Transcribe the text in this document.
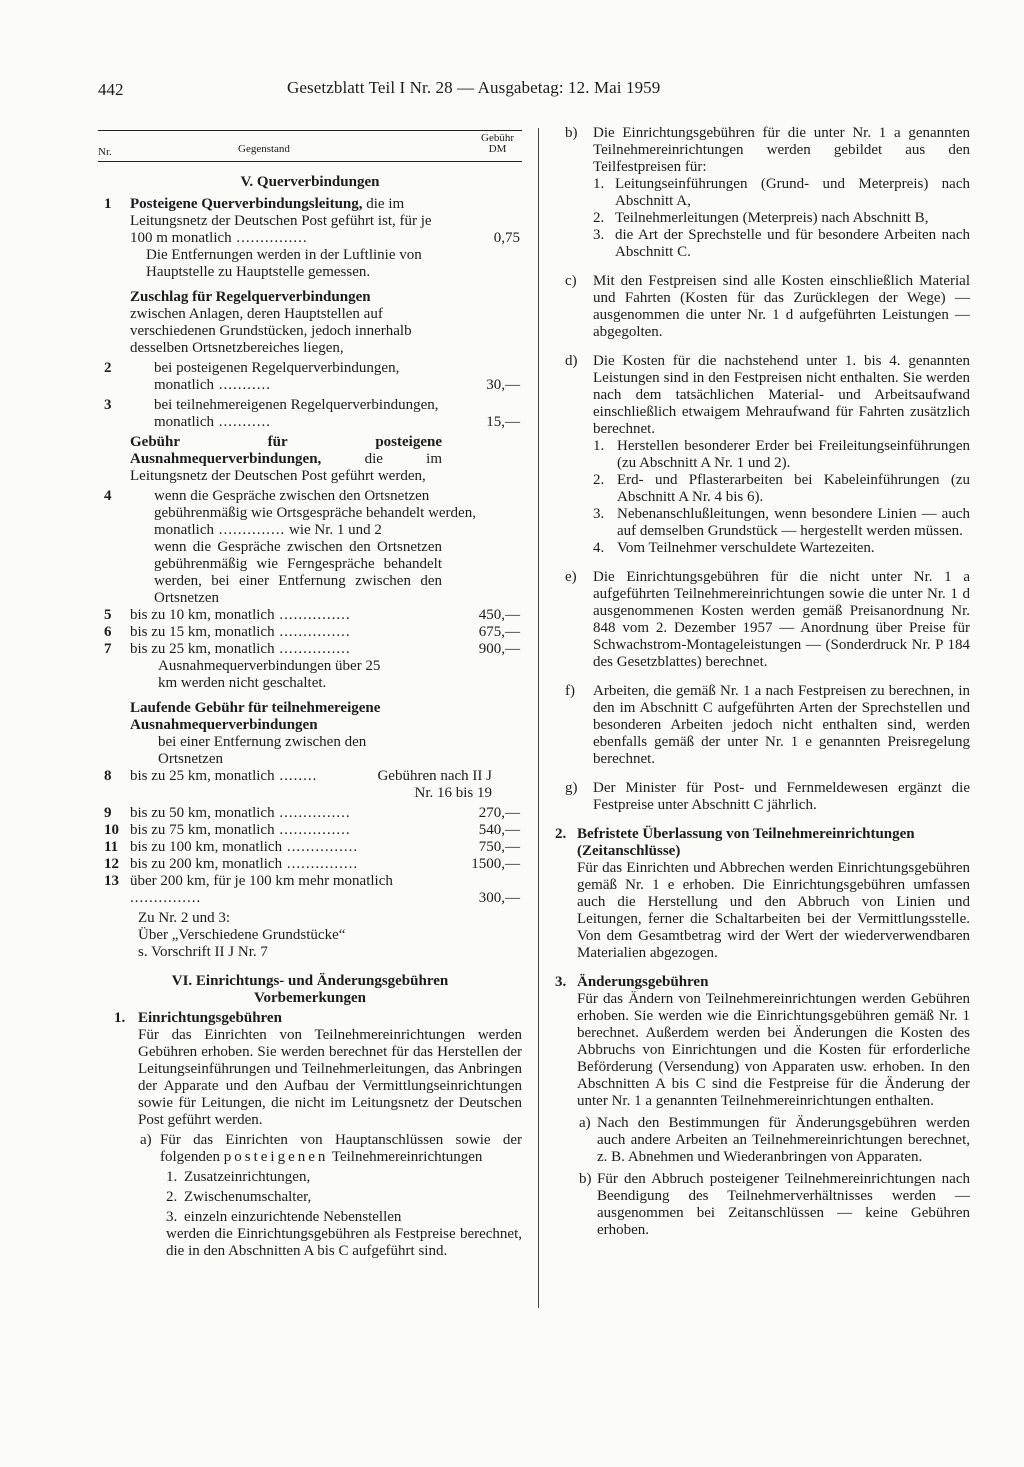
442	Gesetzblatt Teil I Nr. 28 — Ausgabetag: 12. Mai 1959
Nr.	Gegenstand
Gebühr
DM
V. Querverbindungen
1	Posteigene Querverbindungsleitung, die im Leitungsnetz der Deutschen Post geführt ist, für je 100 m monatlich ...............	0,75
Die Entfernungen werden in der Luftlinie von Hauptstelle zu Hauptstelle gemessen.
Zuschlag für Regelquerverbindungen
zwischen Anlagen, deren Hauptstellen auf verschiedenen Grundstücken, jedoch innerhalb desselben Ortsnetzbereiches liegen,
2	bei posteigenen Regelquerverbindungen, monatlich ...........	30,—
3	bei teilnehmereigenen Regelquerverbindungen, monatlich ...........	15,—
Gebühr für posteigene Ausnahmequerverbindungen, die im Leitungsnetz der Deutschen Post geführt werden,
4	wenn die Gespräche zwischen den Ortsnetzen gebührenmäßig wie Ortsgespräche behandelt werden, monatlich .............. wie Nr. 1 und 2
wenn die Gespräche zwischen den Ortsnetzen gebührenmäßig wie Ferngespräche behandelt werden, bei einer Entfernung zwischen den Ortsnetzen
5	bis zu 10 km, monatlich ...............	450,—
6	bis zu 15 km, monatlich ...............	675,—
7	bis zu 25 km, monatlich ...............	900,—
Ausnahmequerverbindungen über 25 km werden nicht geschaltet.
Laufende Gebühr für teilnehmereigene Ausnahmequerverbindungen
bei einer Entfernung zwischen den Ortsnetzen
8	bis zu 25 km, monatlich ........	Gebühren nach II J Nr. 16 bis 19
9	bis zu 50 km, monatlich ...............	270,—
10 bis zu 75 km, monatlich ...............	540,—
11 bis zu 100 km, monatlich ...............	750,—
12 bis zu 200 km, monatlich ...............	1500,—
13 über 200 km, für je 100 km mehr monatlich ...............	300,—
Zu Nr. 2 und 3:
Über „Verschiedene Grundstücke“
s. Vorschrift II J Nr. 7
VI. Einrichtungs- und Änderungsgebühren
Vorbemerkungen
1. Einrichtungsgebühren
Für das Einrichten von Teilnehmereinrichtungen werden Gebühren erhoben. Sie werden berechnet für das Herstellen der Leitungseinführungen und Teilnehmerleitungen, das Anbringen der Apparate und den Aufbau der Vermittlungseinrichtungen sowie für Leitungen, die nicht im Leitungsnetz der Deutschen Post geführt werden.
a) Für das Einrichten von Hauptanschlüssen sowie der folgenden posteigenen Teilnehmereinrichtungen
1. Zusatzeinrichtungen,
2. Zwischenumschalter,
3. einzeln einzurichtende Nebenstellen
werden die Einrichtungsgebühren als Festpreise berechnet, die in den Abschnitten A bis C aufgeführt sind.
b) Die Einrichtungsgebühren für die unter Nr. 1 a genannten Teilnehmereinrichtungen werden gebildet aus den Teilfestpreisen für:
1. Leitungseinführungen (Grund- und Meterpreis) nach Abschnitt A,
2. Teilnehmerleitungen (Meterpreis) nach Abschnitt B,
3. die Art der Sprechstelle und für besondere Arbeiten nach Abschnitt C.
c) Mit den Festpreisen sind alle Kosten einschließlich Material und Fahrten (Kosten für das Zurücklegen der Wege) — ausgenommen die unter Nr. 1 d aufgeführten Leistungen — abgegolten.
d) Die Kosten für die nachstehend unter 1. bis 4. genannten Leistungen sind in den Festpreisen nicht enthalten. Sie werden nach dem tatsächlichen Material- und Arbeitsaufwand einschließlich etwaigem Mehraufwand für Fahrten zusätzlich berechnet.
1. Herstellen besonderer Erder bei Freileitungseinführungen (zu Abschnitt A Nr. 1 und 2).
2. Erd- und Pflasterarbeiten bei Kabeleinführungen (zu Abschnitt A Nr. 4 bis 6).
3. Nebenanschlußleitungen, wenn besondere Linien — auch auf demselben Grundstück — hergestellt werden müssen.
4. Vom Teilnehmer verschuldete Wartezeiten.
e) Die Einrichtungsgebühren für die nicht unter Nr. 1 a aufgeführten Teilnehmereinrichtungen sowie die unter Nr. 1 d ausgenommenen Kosten werden gemäß Preisanordnung Nr. 848 vom 2. Dezember 1957 — Anordnung über Preise für Schwachstrom-Montageleistungen — (Sonderdruck Nr. P 184 des Gesetzblattes) berechnet.
f) Arbeiten, die gemäß Nr. 1 a nach Festpreisen zu berechnen, in den im Abschnitt C aufgeführten Arten der Sprechstellen und besonderen Arbeiten jedoch nicht enthalten sind, werden ebenfalls gemäß der unter Nr. 1 e genannten Preisregelung berechnet.
g) Der Minister für Post- und Fernmeldewesen ergänzt die Festpreise unter Abschnitt C jährlich.
2. Befristete Überlassung von Teilnehmereinrichtungen (Zeitanschlüsse)
Für das Einrichten und Abbrechen werden Einrichtungsgebühren gemäß Nr. 1 e erhoben. Die Einrichtungsgebühren umfassen auch die Herstellung und den Abbruch von Linien und Leitungen, ferner die Schaltarbeiten bei der Vermittlungsstelle. Von dem Gesamtbetrag wird der Wert der wiederverwendbaren Materialien abgezogen.
3. Änderungsgebühren
Für das Ändern von Teilnehmereinrichtungen werden Gebühren erhoben. Sie werden wie die Einrichtungsgebühren gemäß Nr. 1 berechnet. Außerdem werden bei Änderungen die Kosten des Abbruchs von Einrichtungen und die Kosten für erforderliche Beförderung (Versendung) von Apparaten usw. erhoben. In den Abschnitten A bis C sind die Festpreise für die Änderung der unter Nr. 1 a genannten Teilnehmereinrichtungen enthalten.
a) Nach den Bestimmungen für Änderungsgebühren werden auch andere Arbeiten an Teilnehmereinrichtungen berechnet, z. B. Abnehmen und Wiederanbringen von Apparaten.
b) Für den Abbruch posteigener Teilnehmereinrichtungen nach Beendigung des Teilnehmerverhältnisses werden — ausgenommen bei Zeitanschlüssen — keine Gebühren erhoben.
